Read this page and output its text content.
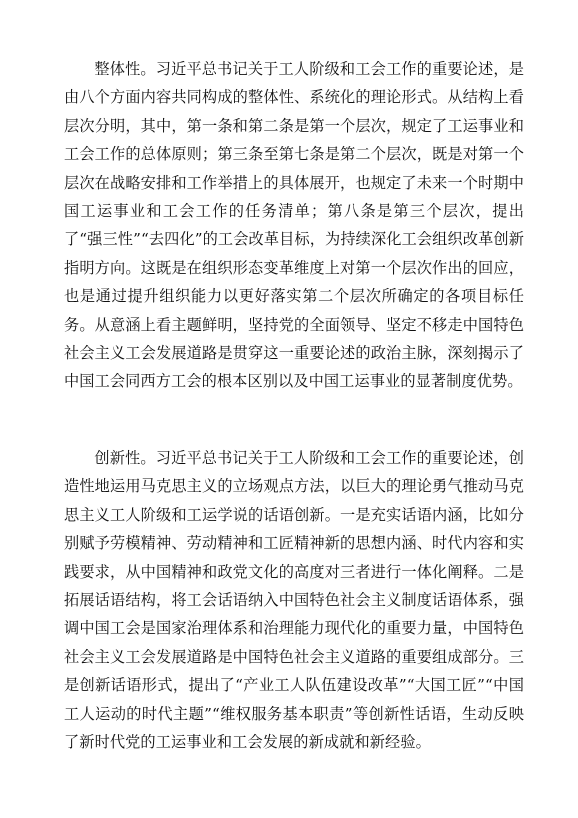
整体性。习近平总书记关于工人阶级和工会工作的重要论述，是由八个方面内容共同构成的整体性、系统化的理论形式。从结构上看层次分明，其中，第一条和第二条是第一个层次，规定了工运事业和工会工作的总体原则；第三条至第七条是第二个层次，既是对第一个层次在战略安排和工作举措上的具体展开，也规定了未来一个时期中国工运事业和工会工作的任务清单；第八条是第三个层次，提出了“强三性”“去四化”的工会改革目标，为持续深化工会组织改革创新指明方向。这既是在组织形态变革维度上对第一个层次作出的回应，也是通过提升组织能力以更好落实第二个层次所确定的各项目标任务。从意涵上看主题鲜明，坚持党的全面领导、坚定不移走中国特色社会主义工会发展道路是贯穿这一重要论述的政治主脉，深刻揭示了中国工会同西方工会的根本区别以及中国工运事业的显著制度优势。

创新性。习近平总书记关于工人阶级和工会工作的重要论述，创造性地运用马克思主义的立场观点方法，以巨大的理论勇气推动马克思主义工人阶级和工运学说的话语创新。一是充实话语内涵，比如分别赋予劳模精神、劳动精神和工匠精神新的思想内涵、时代内容和实践要求，从中国精神和政党文化的高度对三者进行一体化阐释。二是拓展话语结构，将工会话语纳入中国特色社会主义制度话语体系，强调中国工会是国家治理体系和治理能力现代化的重要力量，中国特色社会主义工会发展道路是中国特色社会主义道路的重要组成部分。三是创新话语形式，提出了“产业工人队伍建设改革”“大国工匠”“中国工人运动的时代主题”“维权服务基本职责”等创新性话语，生动反映了新时代党的工运事业和工会发展的新成就和新经验。
